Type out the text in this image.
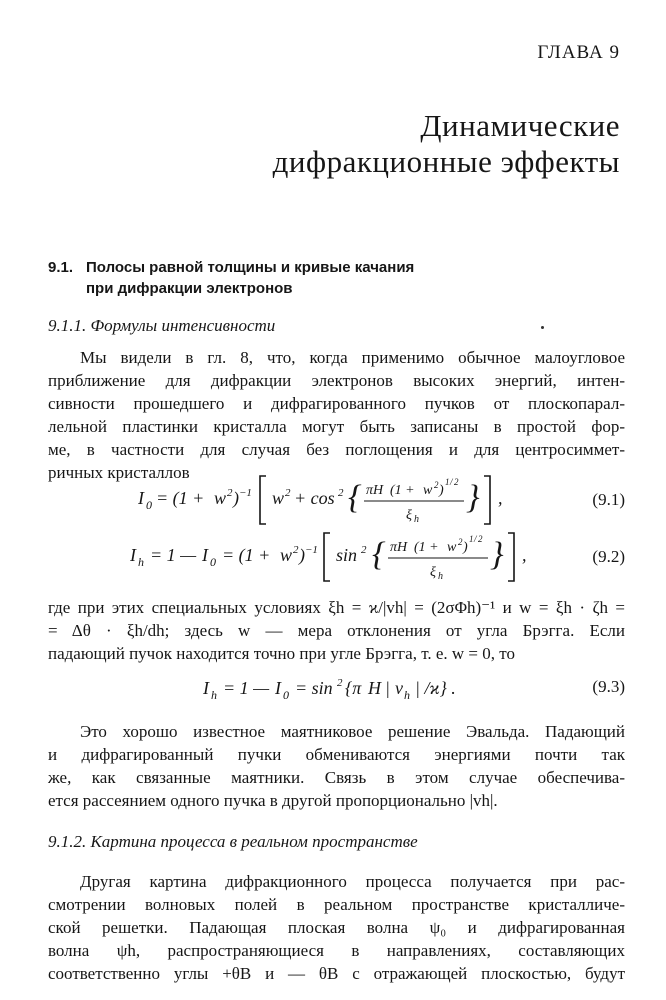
ГЛАВА 9
Динамические
дифракционные эффекты
9.1. Полосы равной толщины и кривые качания
при дифракции электронов
9.1.1. Формулы интенсивности
Мы видели в гл. 8, что, когда применимо обычное малоугловое
приближение для дифракции электронов высоких энергий, интен-
сивности прошедшего и дифрагированного пучков от плоскопарал-
лельной пластинки кристалла могут быть записаны в простой фор-
ме, в частности для случая без поглощения и для центросиммет-
ричных кристаллов
I 0 = (1 + w 2 ) −1 w 2 + cos 2 { πH (1 + w 2 )
1 / 2
ξ h
} ,	(9.1)
I h = 1 — I 0 = (1 + w 2 ) −1 sin 2 { πH (1 + w 2 )
1 / 2
ξ h
} ,	(9.2)
где при этих специальных условиях ξh = ϰ/|vh| = (2σΦh)⁻¹ и w = ξh · ζh =
= Δθ · ξh/dh; здесь w — мера отклонения от угла Брэгга. Если
падающий пучок находится точно при угле Брэгга, т. е. w = 0, то
I h = 1 — I 0 = sin 2 {π H | v h | /ϰ} .	(9.3)
Это хорошо известное маятниковое решение Эвальда. Падающий
и дифрагированный пучки обмениваются энергиями почти так
же, как связанные маятники. Связь в этом случае обеспечива-
ется рассеянием одного пучка в другой пропорционально |vh|.
9.1.2. Картина процесса в реальном пространстве
Другая картина дифракционного процесса получается при рас-
смотрении волновых полей в реальном пространстве кристалличе-
ской решетки. Падающая плоская волна ψ₀ и дифрагированная
волна ψh, распространяющиеся в направлениях, составляющих
соответственно углы +θB и — θB с отражающей плоскостью, будут
